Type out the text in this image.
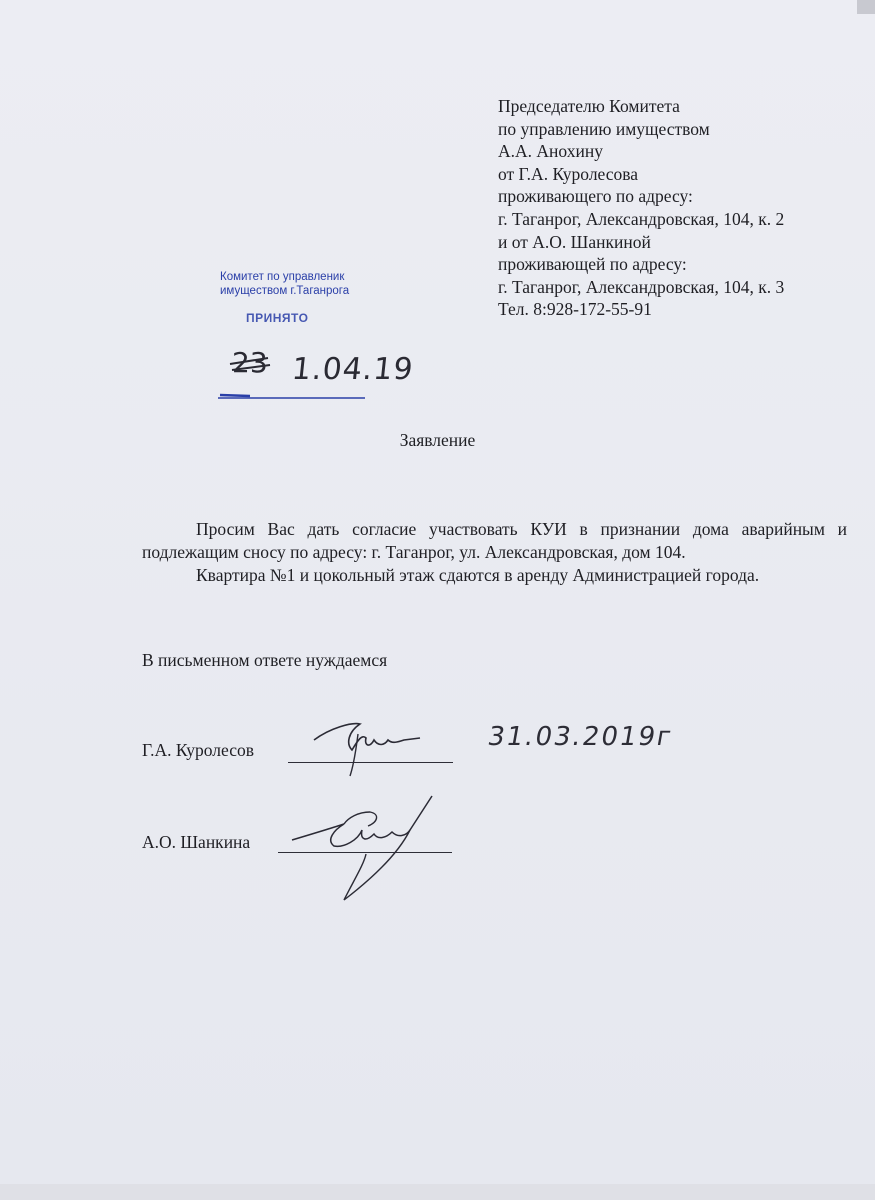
Председателю Комитета
по управлению имуществом
А.А. Анохину
от Г.А. Куролесова
проживающего по адресу:
г. Таганрог, Александровская, 104, к. 2
и от А.О. Шанкиной
проживающей по адресу:
г. Таганрог, Александровская, 104, к. 3
Тел. 8:928-172-55-91
Комитет по управленик
имуществом г.Таганрога
ПРИНЯТО
23 1.04.19
Заявление

Просим Вас дать согласие участвовать КУИ в признании дома аварийным и подлежащим сносу по адресу: г. Таганрог, ул. Александровская, дом 104.

Квартира №1 и цокольный этаж сдаются в аренду Администрацией города.

В письменном ответе нуждаемся
Г.А. Куролесов	31.03.2019г
А.О. Шанкина
